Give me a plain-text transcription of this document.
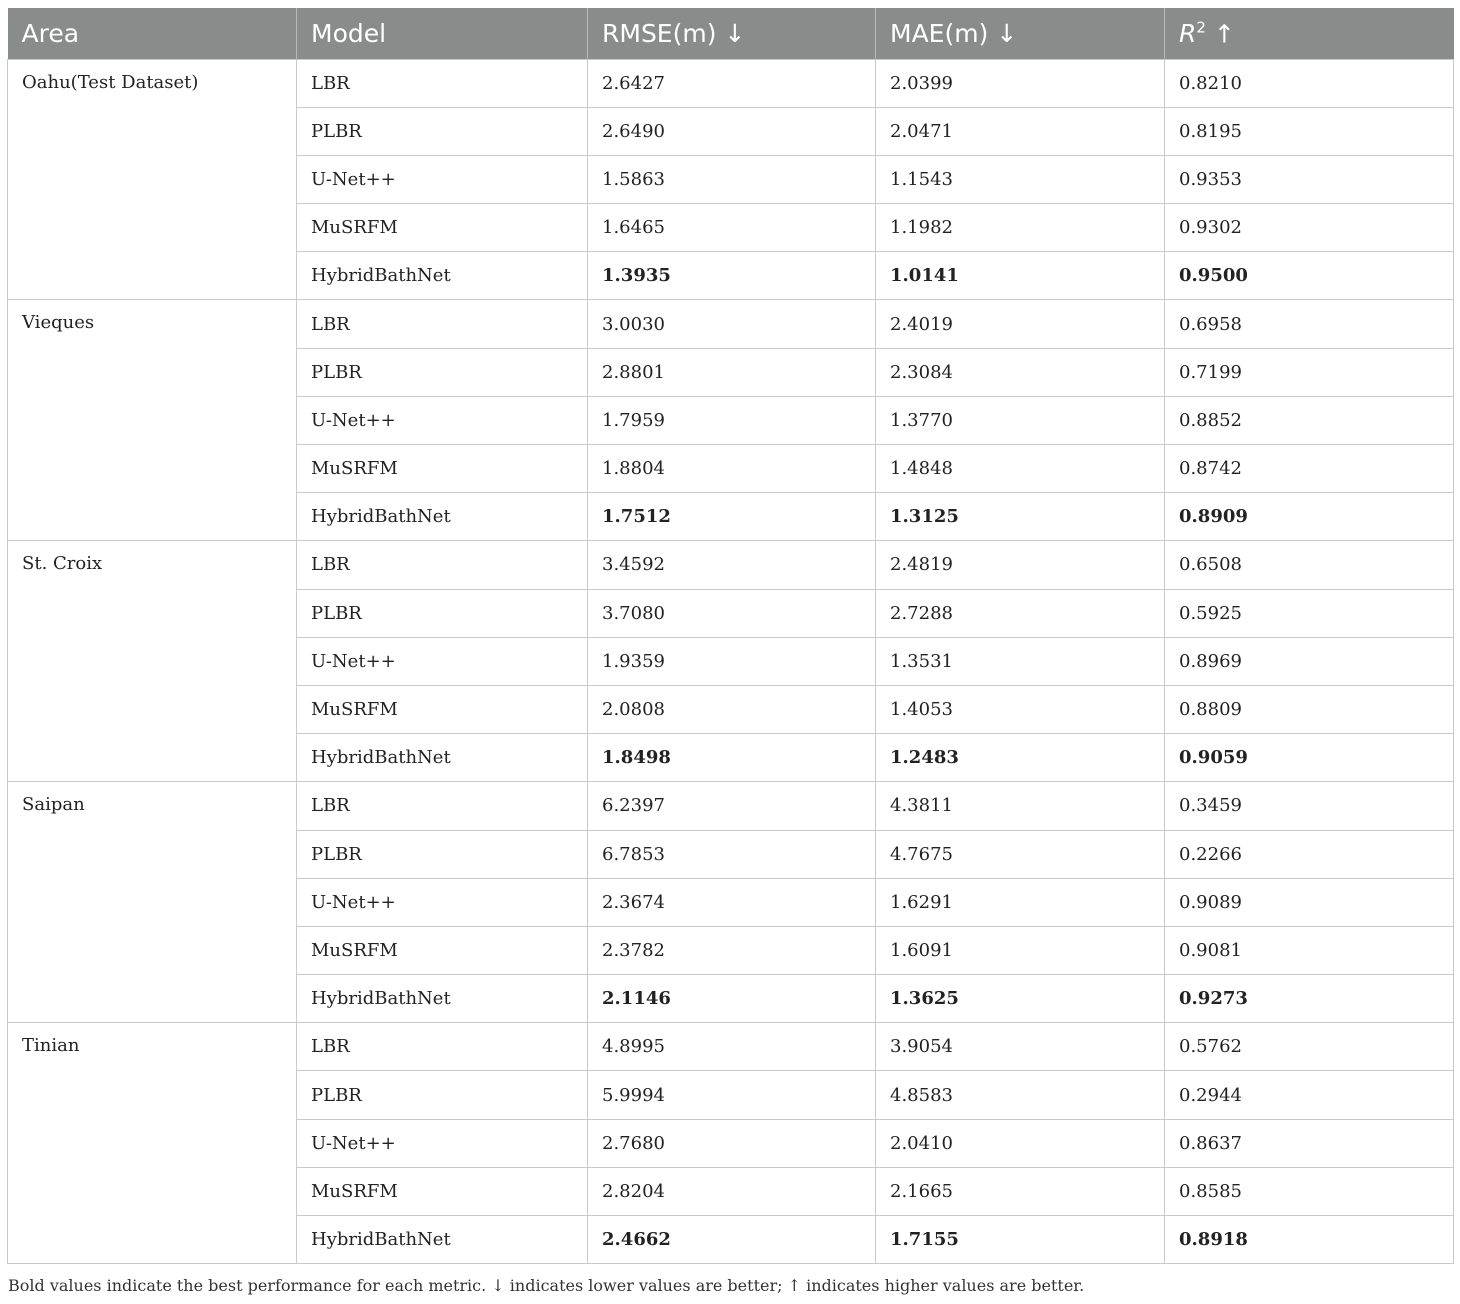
Area	Model	RMSE(m) ↓	MAE(m) ↓	$R^2$ ↑
Oahu(Test Dataset)	LBR	2.6427	2.0399	0.8210
	PLBR	2.6490	2.0471	0.8195
	U-Net++	1.5863	1.1543	0.9353
	MuSRFM	1.6465	1.1982	0.9302
	HybridBathNet	1.3935	1.0141	0.9500
Vieques	LBR	3.0030	2.4019	0.6958
	PLBR	2.8801	2.3084	0.7199
	U-Net++	1.7959	1.3770	0.8852
	MuSRFM	1.8804	1.4848	0.8742
	HybridBathNet	1.7512	1.3125	0.8909
St. Croix	LBR	3.4592	2.4819	0.6508
	PLBR	3.7080	2.7288	0.5925
	U-Net++	1.9359	1.3531	0.8969
	MuSRFM	2.0808	1.4053	0.8809
	HybridBathNet	1.8498	1.2483	0.9059
Saipan	LBR	6.2397	4.3811	0.3459
	PLBR	6.7853	4.7675	0.2266
	U-Net++	2.3674	1.6291	0.9089
	MuSRFM	2.3782	1.6091	0.9081
	HybridBathNet	2.1146	1.3625	0.9273
Tinian	LBR	4.8995	3.9054	0.5762
	PLBR	5.9994	4.8583	0.2944
	U-Net++	2.7680	2.0410	0.8637
	MuSRFM	2.8204	2.1665	0.8585
	HybridBathNet	2.4662	1.7155	0.8918
Bold values indicate the best performance for each metric. ↓ indicates lower values are better; ↑ indicates higher values are better.
